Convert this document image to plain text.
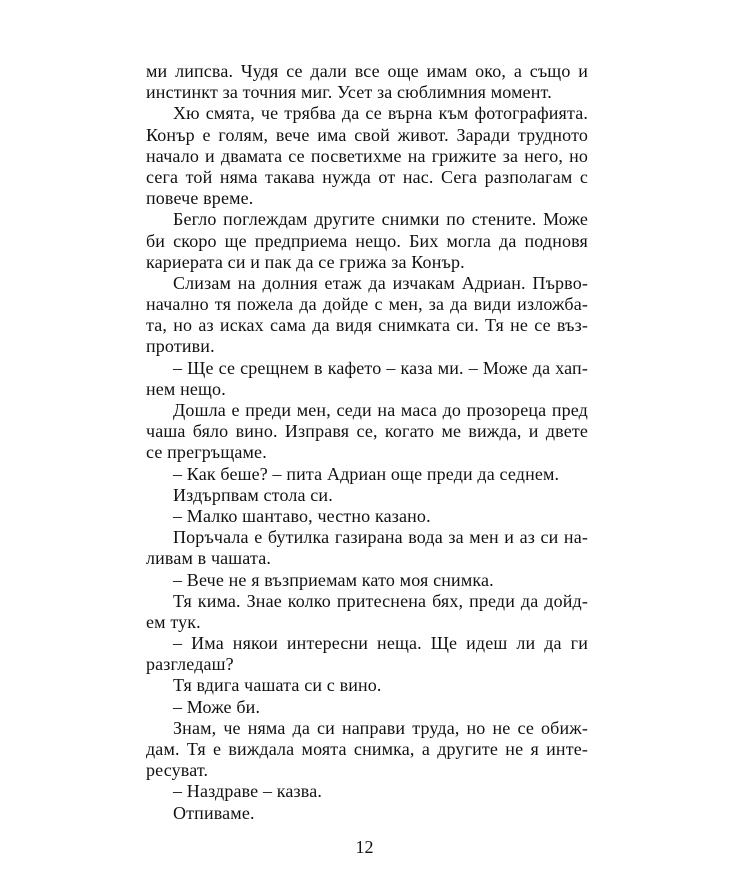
ми липсва. Чудя се дали все още имам око, а също и
инстинкт за точния миг. Усет за сюблимния момент.
Хю смята, че трябва да се върна към фотографията.
Конър е голям, вече има свой живот. Заради трудното
начало и двамата се посветихме на грижите за него, но
сега той няма такава нужда от нас. Сега разполагам с
повече време.
Бегло поглеждам другите снимки по стените. Може
би скоро ще предприема нещо. Бих могла да подновя
кариерата си и пак да се грижа за Конър.
Слизам на долния етаж да изчакам Адриан. Първо-
начално тя пожела да дойде с мен, за да види изложба-
та, но аз исках сама да видя снимката си. Тя не се въз-
противи.
– Ще се срещнем в кафето – каза ми. – Може да хап-
нем нещо.
Дошла е преди мен, седи на маса до прозореца пред
чаша бяло вино. Изправя се, когато ме вижда, и двете
се прегръщаме.
– Как беше? – пита Адриан още преди да седнем.
Издърпвам стола си.
– Малко шантаво, честно казано.
Поръчала е бутилка газирана вода за мен и аз си на-
ливам в чашата.
– Вече не я възприемам като моя снимка.
Тя кима. Знае колко притеснена бях, преди да дойд-
ем тук.
– Има някои интересни неща. Ще идеш ли да ги
разгледаш?
Тя вдига чашата си с вино.
– Може би.
Знам, че няма да си направи труда, но не се обиж-
дам. Тя е виждала моята снимка, а другите не я инте-
ресуват.
– Наздраве – казва.
Отпиваме.
12
